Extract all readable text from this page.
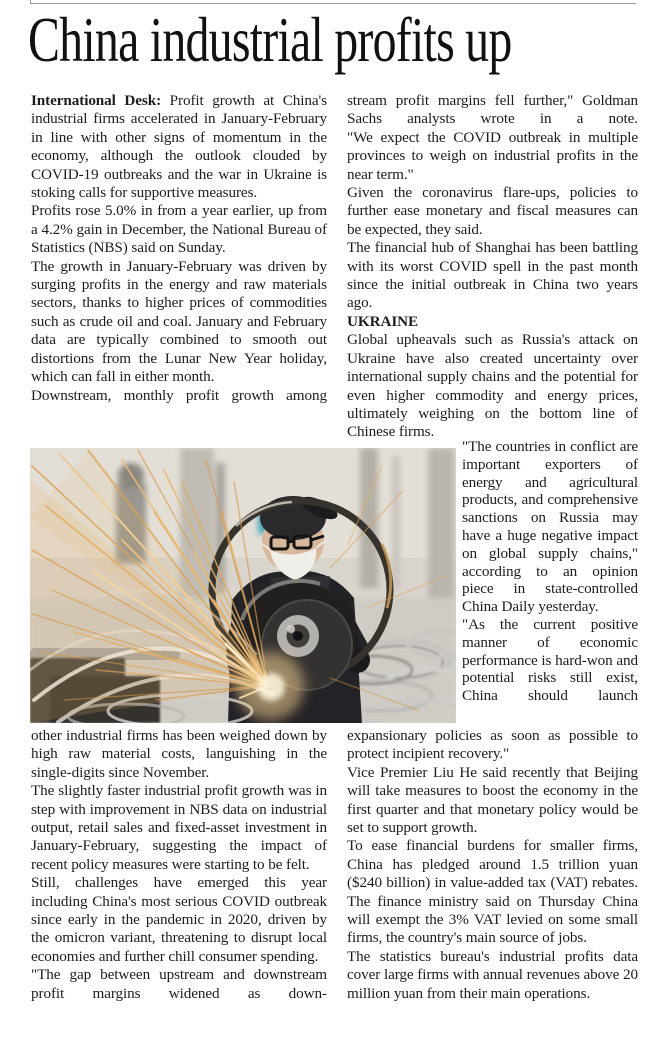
China industrial profits up

International Desk: Profit growth at China's industrial firms accelerated in January-February in line with other signs of momentum in the economy, although the outlook clouded by COVID-19 outbreaks and the war in Ukraine is stoking calls for supportive measures.

Profits rose 5.0% in from a year earlier, up from a 4.2% gain in December, the National Bureau of Statistics (NBS) said on Sunday.

The growth in January-February was driven by surging profits in the energy and raw materials sectors, thanks to higher prices of commodities such as crude oil and coal. January and February data are typically combined to smooth out distortions from the Lunar New Year holiday, which can fall in either month.

Downstream, monthly profit growth among

stream profit margins fell further," Goldman Sachs analysts wrote in a note.

"We expect the COVID outbreak in multiple provinces to weigh on industrial profits in the near term."

Given the coronavirus flare-ups, policies to further ease monetary and fiscal measures can be expected, they said.

The financial hub of Shanghai has been battling with its worst COVID spell in the past month since the initial outbreak in China two years ago.

UKRAINE

Global upheavals such as Russia's attack on Ukraine have also created uncertainty over international supply chains and the potential for even higher commodity and energy prices, ultimately weighing on the bottom line of Chinese firms.

"The countries in conflict are important exporters of energy and agricultural products, and comprehensive sanctions on Russia may have a huge negative impact on global supply chains," according to an opinion piece in state-controlled China Daily yesterday.

"As the current positive manner of economic performance is hard-won and potential risks still exist, China should launch

other industrial firms has been weighed down by high raw material costs, languishing in the single-digits since November.

The slightly faster industrial profit growth was in step with improvement in NBS data on industrial output, retail sales and fixed-asset investment in January-February, suggesting the impact of recent policy measures were starting to be felt.

Still, challenges have emerged this year including China's most serious COVID outbreak since early in the pandemic in 2020, driven by the omicron variant, threatening to disrupt local economies and further chill consumer spending.

"The gap between upstream and downstream profit margins widened as down-

expansionary policies as soon as possible to protect incipient recovery."

Vice Premier Liu He said recently that Beijing will take measures to boost the economy in the first quarter and that monetary policy would be set to support growth.

To ease financial burdens for smaller firms, China has pledged around 1.5 trillion yuan ($240 billion) in value-added tax (VAT) rebates. The finance ministry said on Thursday China will exempt the 3% VAT levied on some small firms, the country's main source of jobs.

The statistics bureau's industrial profits data cover large firms with annual revenues above 20 million yuan from their main operations.
